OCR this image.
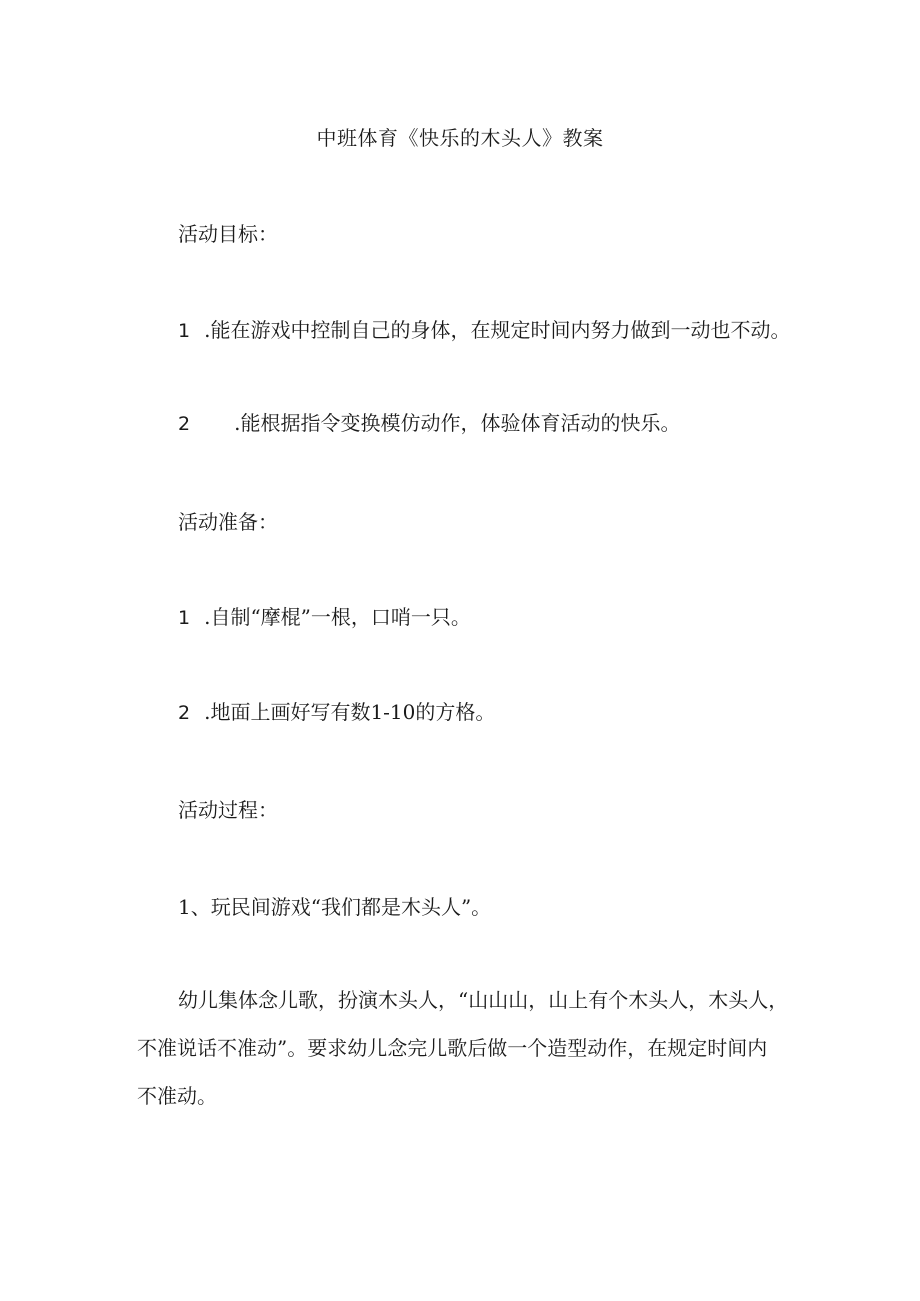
中班体育《快乐的木头人》教案
活动目标：
1 .能在游戏中控制自己的身体，在规定时间内努力做到一动也不动。
2 .能根据指令变换模仿动作，体验体育活动的快乐。
活动准备：
1 .自制“摩棍”一根，口哨一只。
2 .地面上画好写有数1-10的方格。
活动过程：
1、玩民间游戏“我们都是木头人”。
幼儿集体念儿歌，扮演木头人，“山山山，山上有个木头人，木头人，
不准说话不准动”。要求幼儿念完儿歌后做一个造型动作，在规定时间内
不准动。
